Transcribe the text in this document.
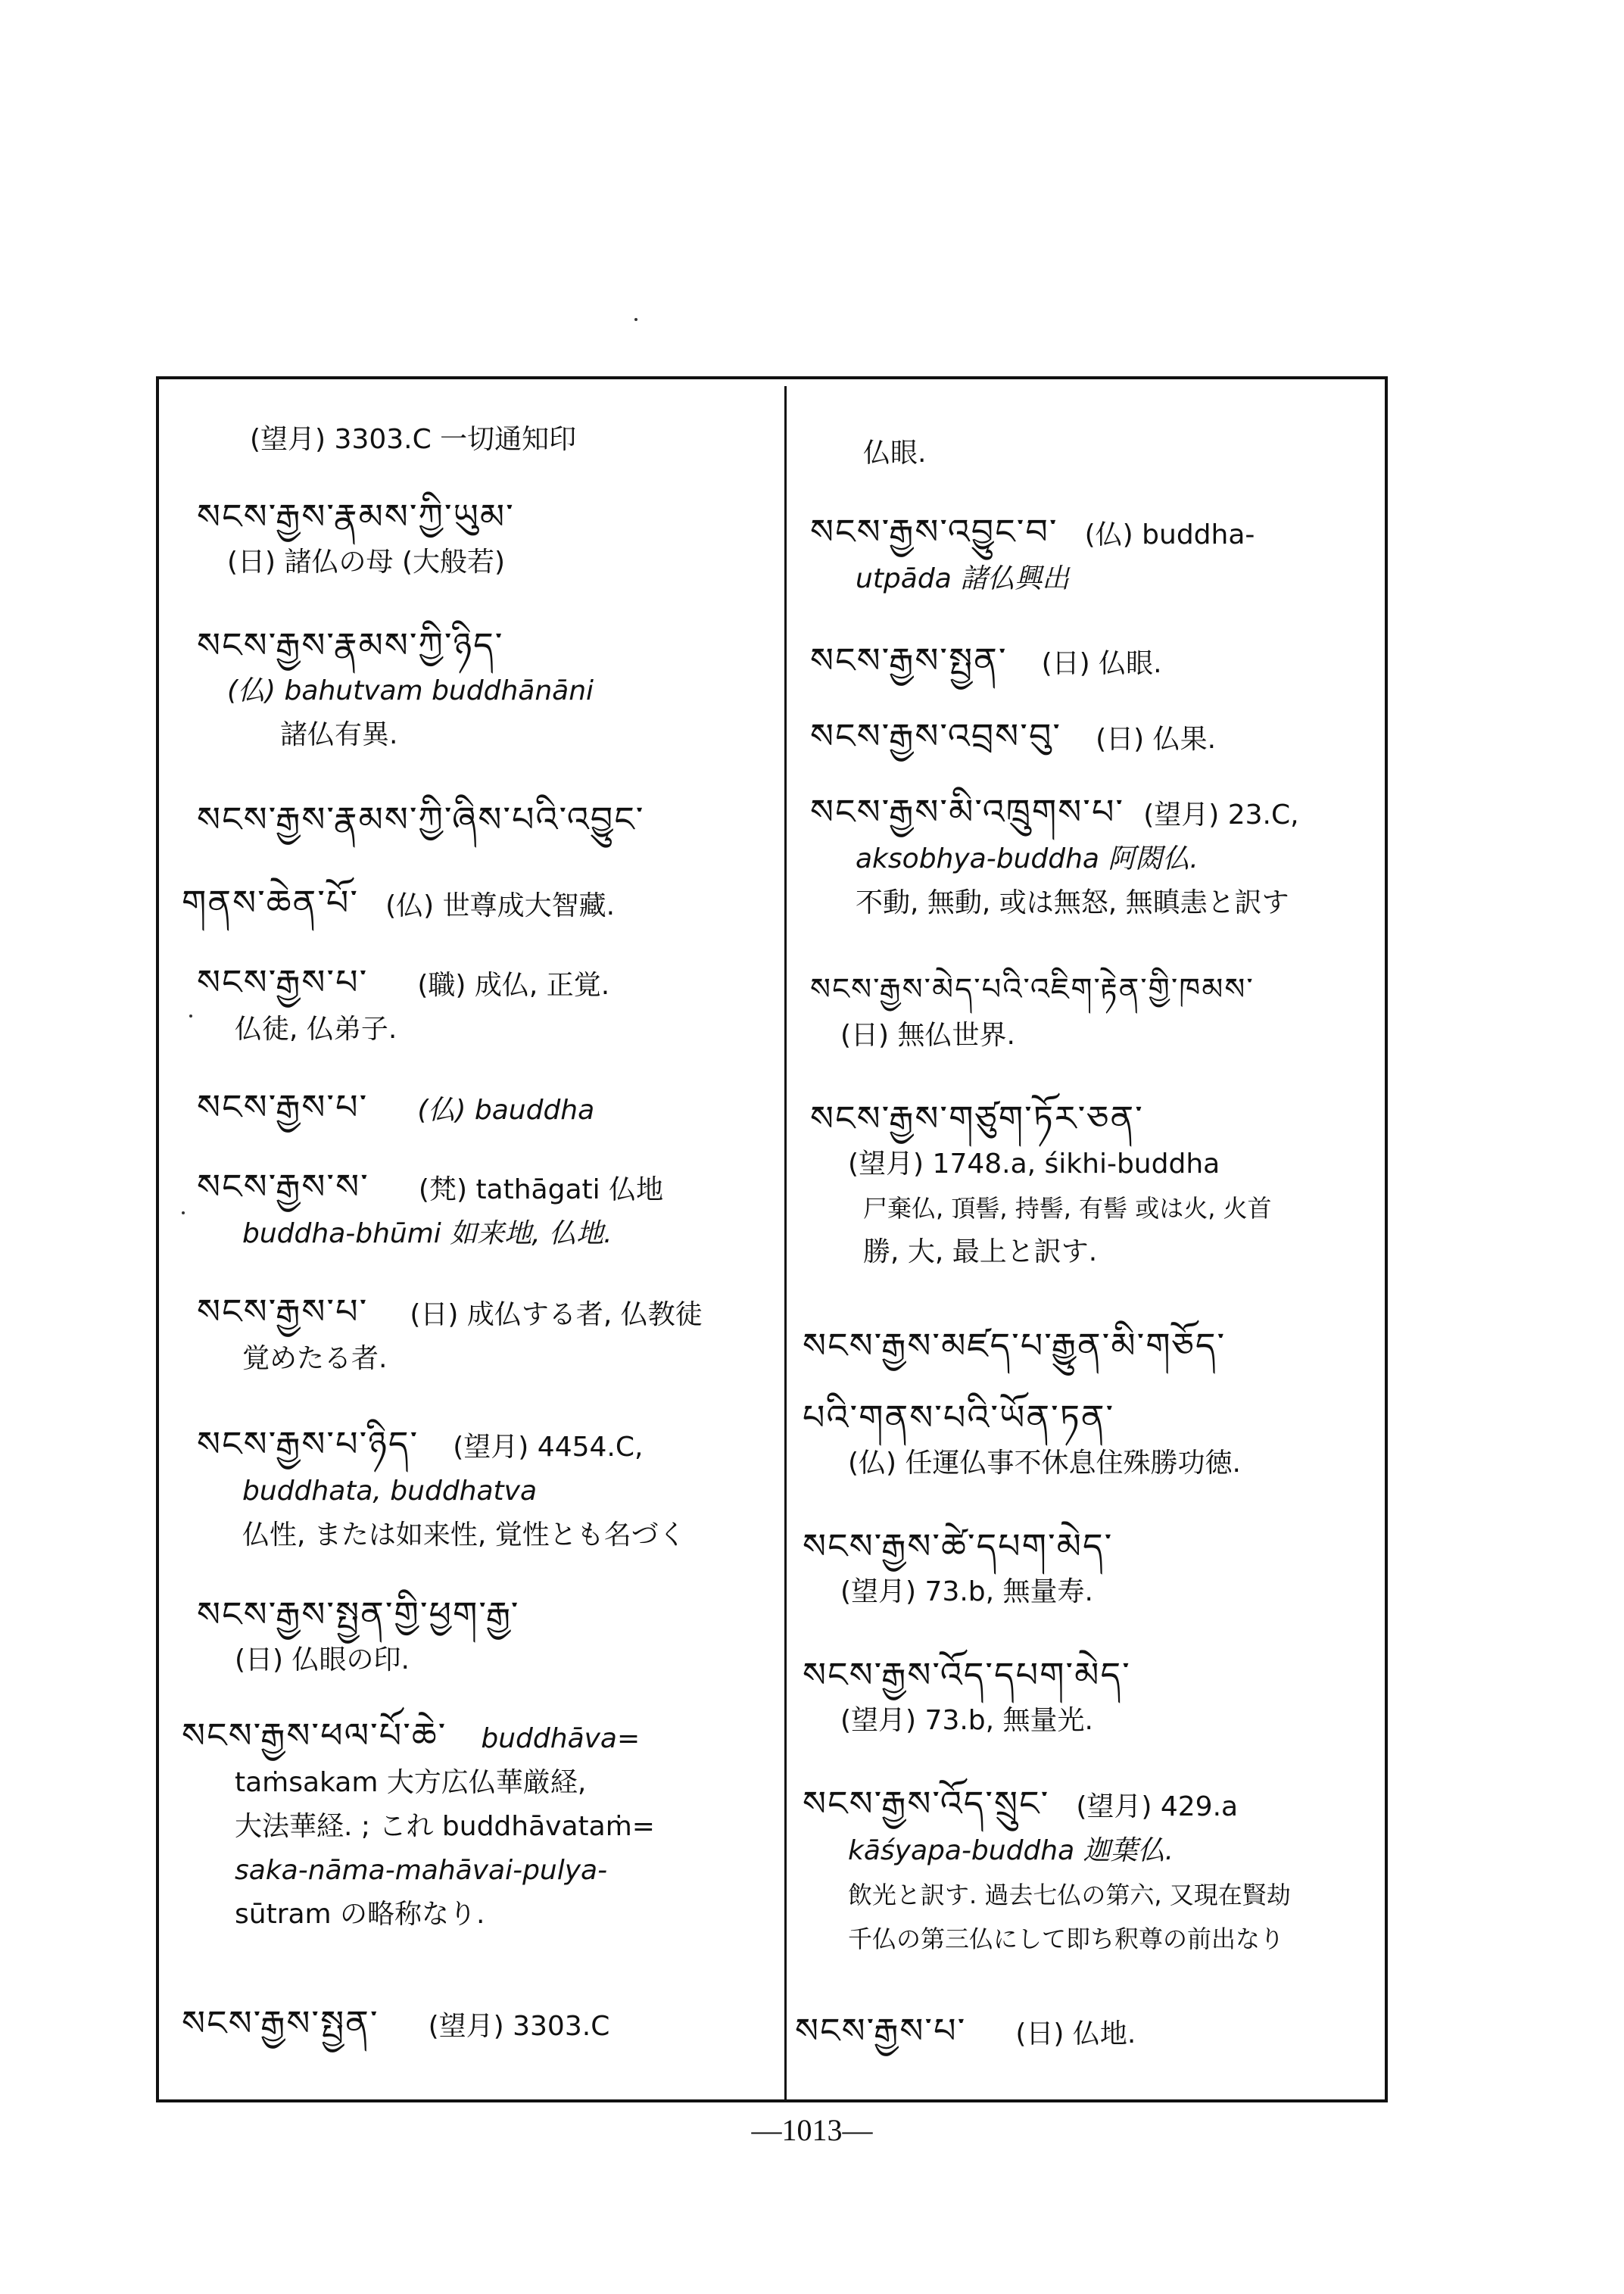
(望月) 3303.C 一切通知印
སངས་རྒྱས་རྣམས་ཀྱི་ཡུམ་
(日) 諸仏の母 (大般若)
སངས་རྒྱས་རྣམས་ཀྱི་ཉིད་
(仏) bahutvam buddhānāni
諸仏有異.
སངས་རྒྱས་རྣམས་ཀྱི་ཞིས་པའི་འབྱུང་
གནས་ཆེན་པོ་ (仏) 世尊成大智藏.
སངས་རྒྱས་པ་ (職) 成仏, 正覚.
仏徒, 仏弟子.
སངས་རྒྱས་པ་ (仏) bauddha
སངས་རྒྱས་ས་ (梵) tathāgati 仏地
buddha-bhūmi 如来地, 仏地.
སངས་རྒྱས་པ་ (日) 成仏する者, 仏教徒
覚めたる者.
སངས་རྒྱས་པ་ཉིད་ (望月) 4454.C,
buddhata, buddhatva
仏性, または如来性, 覚性とも名づく
སངས་རྒྱས་སྤྱན་གྱི་ཕྱག་རྒྱ་
(日) 仏眼の印.
སངས་རྒྱས་ཕལ་པོ་ཆེ་ buddhāva=
taṁsakam 大方広仏華厳経,
大法華経. ; これ buddhāvataṁ=
saka-nāma-mahāvai-pulya-
sūtram の略称なり.
སངས་རྒྱས་སྤྱན་ (望月) 3303.C
仏眼.
སངས་རྒྱས་འབྱུང་བ་ (仏) buddha-
utpāda 諸仏興出
སངས་རྒྱས་སྤྱན་ (日) 仏眼.
སངས་རྒྱས་འབྲས་བུ་ (日) 仏果.
སངས་རྒྱས་མི་འཁྲུགས་པ་ (望月) 23.C,
aksobhya-buddha 阿閦仏.
不動, 無動, 或は無怒, 無瞋恚と訳す
སངས་རྒྱས་མེད་པའི་འཇིག་རྟེན་གྱི་ཁམས་
(日) 無仏世界.
སངས་རྒྱས་གཙུག་ཏོར་ཅན་
(望月) 1748.a, śikhi-buddha
尸棄仏, 頂髻, 持髻, 有髻 或は火, 火首
勝, 大, 最上と訳す.
སངས་རྒྱས་མཛད་པ་རྒྱུན་མི་གཅོད་
པའི་གནས་པའི་ཡོན་ཏན་
(仏) 任運仏事不休息住殊勝功徳.
སངས་རྒྱས་ཚེ་དཔག་མེད་
(望月) 73.b, 無量寿.
སངས་རྒྱས་འོད་དཔག་མེད་
(望月) 73.b, 無量光.
སངས་རྒྱས་འོད་སྲུང་ (望月) 429.a
kāśyapa-buddha 迦葉仏.
飲光と訳す. 過去七仏の第六, 又現在賢劫
千仏の第三仏にして即ち釈尊の前出なり
སངས་རྒྱས་པ་ (日) 仏地.
—1013—
